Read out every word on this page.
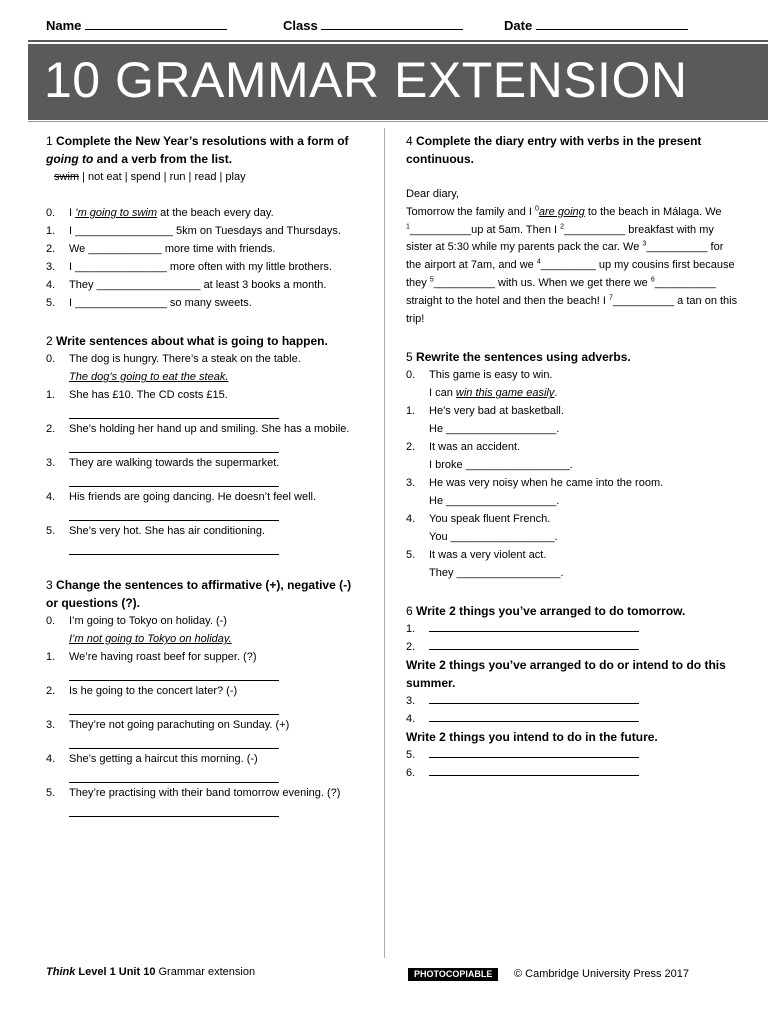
Name	Class	Date
10 GRAMMAR EXTENSION
1 Complete the New Year’s resolutions with a form of going to and a verb from the list.
swim | not eat | spend | run | read | play
0. I ’m going to swim at the beach every day.
1. I ________________ 5km on Tuesdays and Thursdays.
2. We ____________ more time with friends.
3. I _______________ more often with my little brothers.
4. They _________________ at least 3 books a month.
5. I _______________ so many sweets.
2 Write sentences about what is going to happen.
0. The dog is hungry. There’s a steak on the table.
The dog’s going to eat the steak.
1. She has £10. The CD costs £15.
2. She’s holding her hand up and smiling. She has a mobile.
3. They are walking towards the supermarket.
4. His friends are going dancing. He doesn’t feel well.
5. She’s very hot. She has air conditioning.
3 Change the sentences to affirmative (+), negative (-) or questions (?).
0. I’m going to Tokyo on holiday. (-)
I’m not going to Tokyo on holiday.
1. We’re having roast beef for supper. (?)
2. Is he going to the concert later? (-)
3. They’re not going parachuting on Sunday. (+)
4. She’s getting a haircut this morning. (-)
5. They’re practising with their band tomorrow evening. (?)
4 Complete the diary entry with verbs in the present continuous.
Dear diary,
Tomorrow the family and I $^0$are going to the beach in Málaga. We $^1$__________up at 5am. Then I $^2$__________ breakfast with my sister at 5:30 while my parents pack the car. We $^3$__________ for the airport at 7am, and we $^4$_________ up my cousins first because they $^5$__________ with us. When we get there we $^6$__________ straight to the hotel and then the beach! I $^7$__________ a tan on this trip!
5 Rewrite the sentences using adverbs.
0. This game is easy to win.
I can win this game easily.
1. He’s very bad at basketball.
He __________________.
2. It was an accident.
I broke _________________.
3. He was very noisy when he came into the room.
He __________________.
4. You speak fluent French.
You _________________.
5. It was a very violent act.
They _________________.
6 Write 2 things you’ve arranged to do tomorrow.
1.
2.
Write 2 things you’ve arranged to do or intend to do this summer.
3.
4.
Write 2 things you intend to do in the future.
5.
6.
Think Level 1 Unit 10 Grammar extension	PHOTOCOPIABLE	© Cambridge University Press 2017
